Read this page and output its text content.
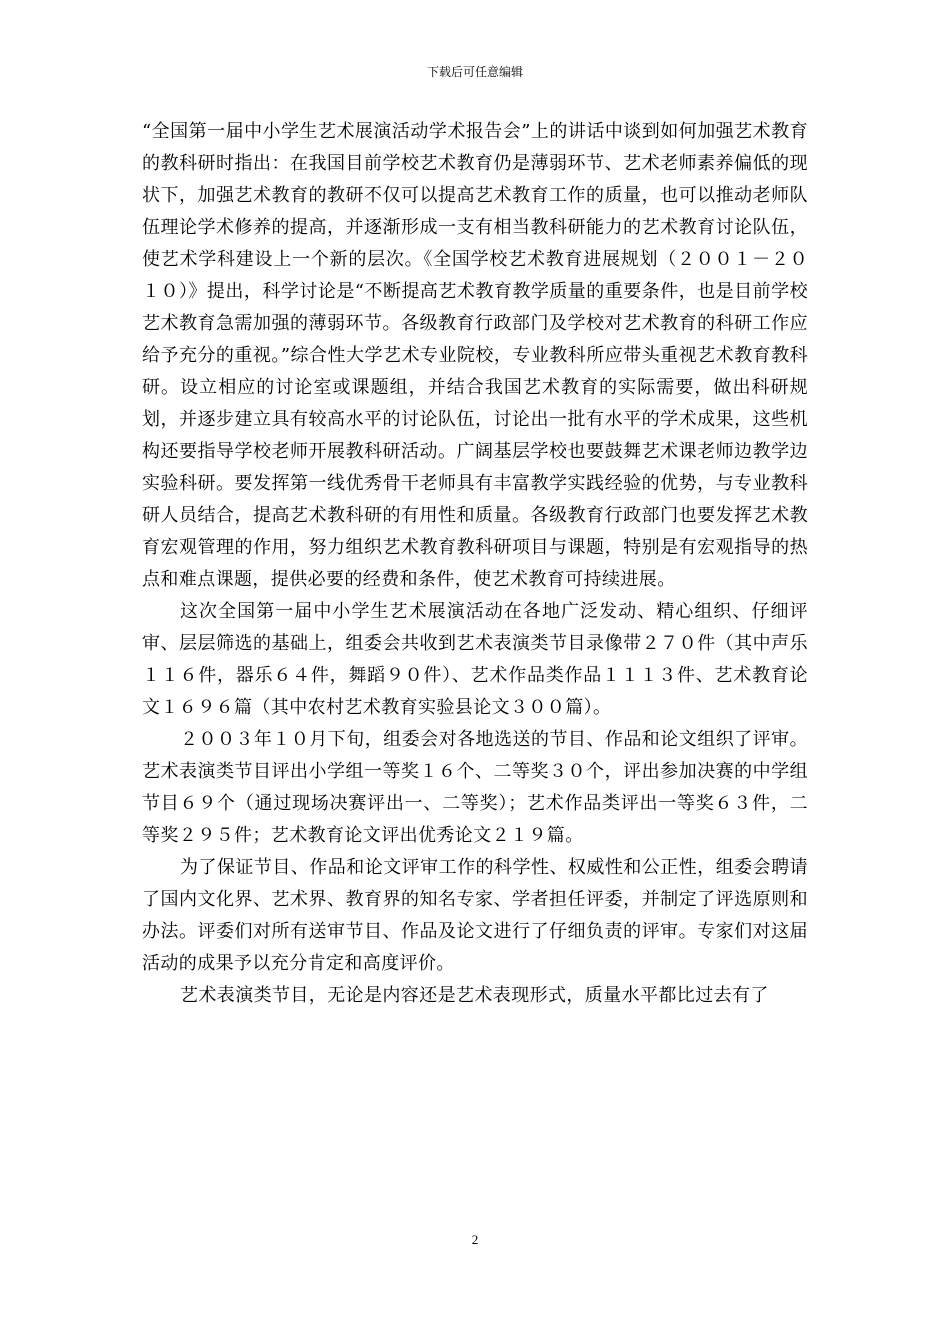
下载后可任意编辑

“全国第一届中小学生艺术展演活动学术报告会”上的讲话中谈到如何加强艺术教育的教科研时指出：在我国目前学校艺术教育仍是薄弱环节、艺术老师素养偏低的现状下，加强艺术教育的教研不仅可以提高艺术教育工作的质量，也可以推动老师队伍理论学术修养的提高，并逐渐形成一支有相当教科研能力的艺术教育讨论队伍，使艺术学科建设上一个新的层次。《全国学校艺术教育进展规划（２００１－２０１０）》提出，科学讨论是“不断提高艺术教育教学质量的重要条件，也是目前学校艺术教育急需加强的薄弱环节。各级教育行政部门及学校对艺术教育的科研工作应给予充分的重视。”综合性大学艺术专业院校，专业教科所应带头重视艺术教育教科研。设立相应的讨论室或课题组，并结合我国艺术教育的实际需要，做出科研规划，并逐步建立具有较高水平的讨论队伍，讨论出一批有水平的学术成果，这些机构还要指导学校老师开展教科研活动。广阔基层学校也要鼓舞艺术课老师边教学边实验科研。要发挥第一线优秀骨干老师具有丰富教学实践经验的优势，与专业教科研人员结合，提高艺术教科研的有用性和质量。各级教育行政部门也要发挥艺术教育宏观管理的作用，努力组织艺术教育教科研项目与课题，特别是有宏观指导的热点和难点课题，提供必要的经费和条件，使艺术教育可持续进展。

这次全国第一届中小学生艺术展演活动在各地广泛发动、精心组织、仔细评审、层层筛选的基础上，组委会共收到艺术表演类节目录像带２７０件（其中声乐１１６件，器乐６４件，舞蹈９０件）、艺术作品类作品１１１３件、艺术教育论文１６９６篇（其中农村艺术教育实验县论文３００篇）。

２００３年１０月下旬，组委会对各地选送的节目、作品和论文组织了评审。艺术表演类节目评出小学组一等奖１６个、二等奖３０个，评出参加决赛的中学组节目６９个（通过现场决赛评出一、二等奖）；艺术作品类评出一等奖６３件，二等奖２９５件；艺术教育论文评出优秀论文２１９篇。

为了保证节目、作品和论文评审工作的科学性、权威性和公正性，组委会聘请了国内文化界、艺术界、教育界的知名专家、学者担任评委，并制定了评选原则和办法。评委们对所有送审节目、作品及论文进行了仔细负责的评审。专家们对这届活动的成果予以充分肯定和高度评价。

艺术表演类节目，无论是内容还是艺术表现形式，质量水平都比过去有了

2
